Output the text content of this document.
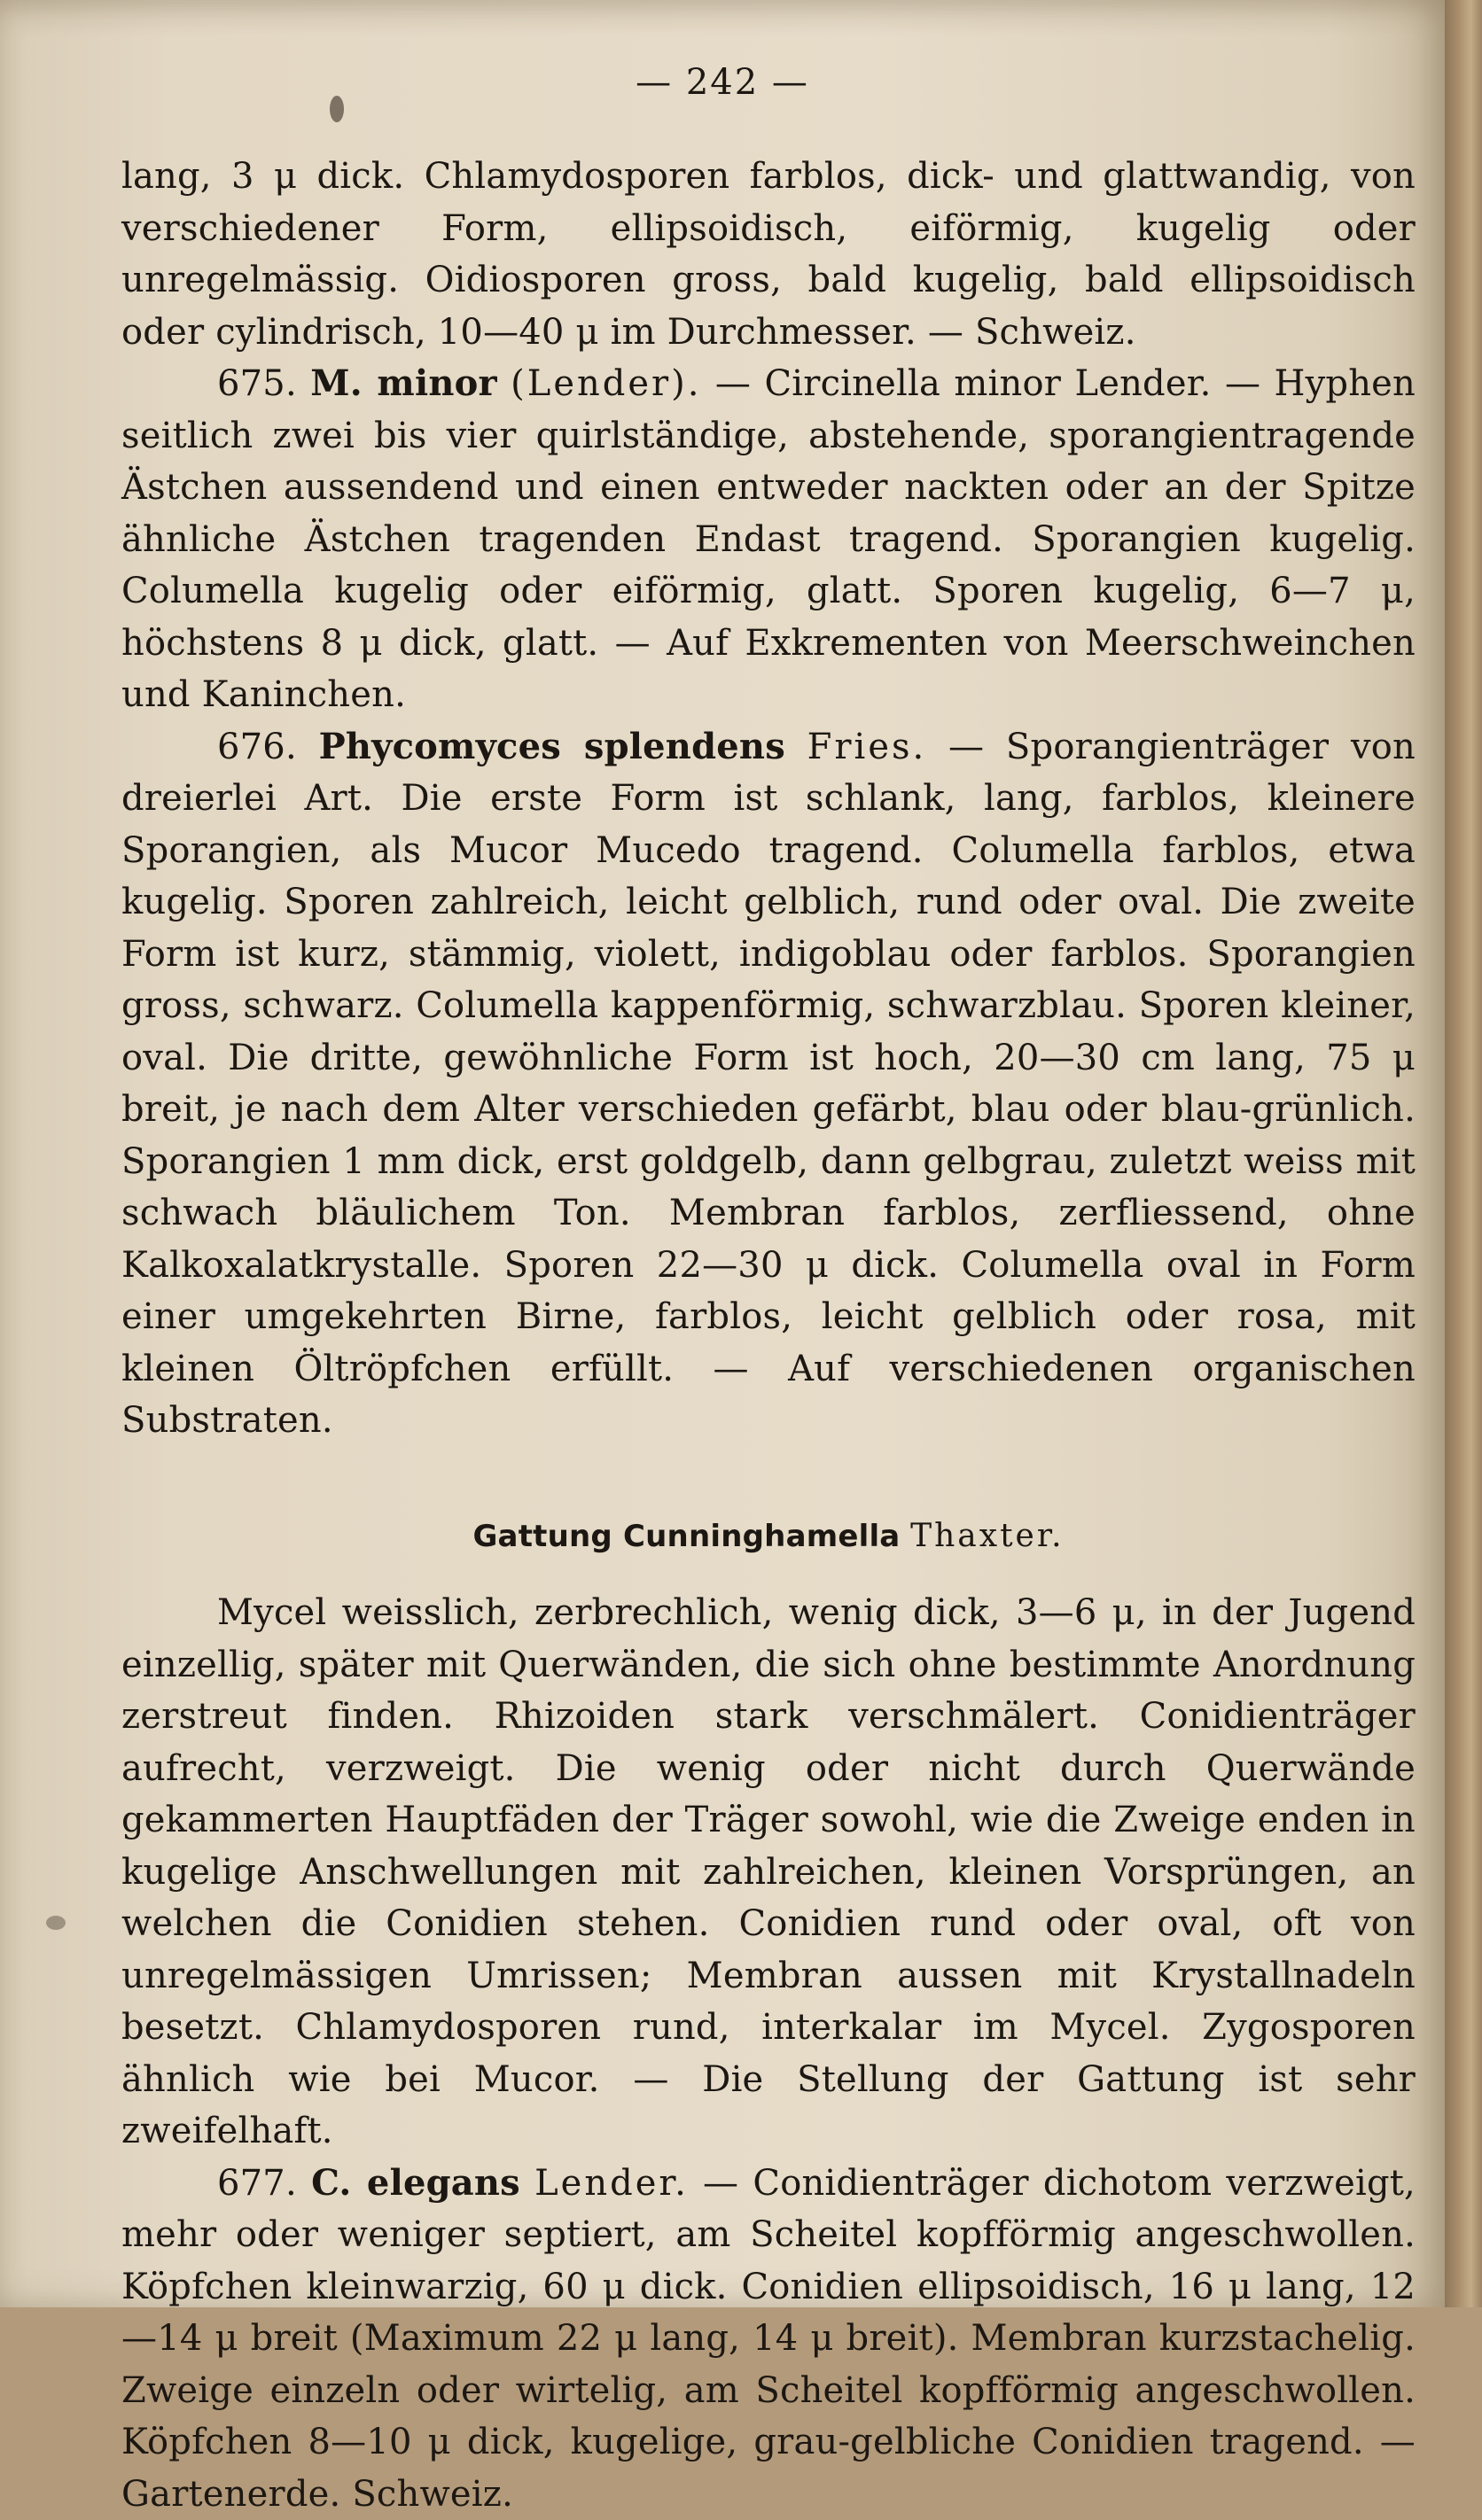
— 242 —

lang, 3 μ dick. Chlamydosporen farblos, dick- und glattwandig, von verschiedener Form, ellipsoidisch, eiförmig, kugelig oder unregelmässig. Oidiosporen gross, bald kugelig, bald ellipsoidisch oder cylindrisch, 10—40 μ im Durchmesser. — Schweiz.

675. M. minor (Lender). — Circinella minor Lender. — Hyphen seitlich zwei bis vier quirlständige, abstehende, sporangientragende Ästchen aussendend und einen entweder nackten oder an der Spitze ähnliche Ästchen tragenden Endast tragend. Sporangien kugelig. Columella kugelig oder eiförmig, glatt. Sporen kugelig, 6—7 μ, höchstens 8 μ dick, glatt. — Auf Exkrementen von Meerschweinchen und Kaninchen.

676. Phycomyces splendens Fries. — Sporangienträger von dreierlei Art. Die erste Form ist schlank, lang, farblos, kleinere Sporangien, als Mucor Mucedo tragend. Columella farblos, etwa kugelig. Sporen zahlreich, leicht gelblich, rund oder oval. Die zweite Form ist kurz, stämmig, violett, indigoblau oder farblos. Sporangien gross, schwarz. Columella kappenförmig, schwarzblau. Sporen kleiner, oval. Die dritte, gewöhnliche Form ist hoch, 20—30 cm lang, 75 μ breit, je nach dem Alter verschieden gefärbt, blau oder blau-grünlich. Sporangien 1 mm dick, erst goldgelb, dann gelbgrau, zuletzt weiss mit schwach bläulichem Ton. Membran farblos, zerfliessend, ohne Kalkoxalatkrystalle. Sporen 22—30 μ dick. Columella oval in Form einer umgekehrten Birne, farblos, leicht gelblich oder rosa, mit kleinen Öltröpfchen erfüllt. — Auf verschiedenen organischen Substraten.

Gattung Cunninghamella Thaxter.

Mycel weisslich, zerbrechlich, wenig dick, 3—6 μ, in der Jugend einzellig, später mit Querwänden, die sich ohne bestimmte Anordnung zerstreut finden. Rhizoiden stark verschmälert. Conidienträger aufrecht, verzweigt. Die wenig oder nicht durch Querwände gekammerten Hauptfäden der Träger sowohl, wie die Zweige enden in kugelige Anschwellungen mit zahlreichen, kleinen Vorsprüngen, an welchen die Conidien stehen. Conidien rund oder oval, oft von unregelmässigen Umrissen; Membran aussen mit Krystallnadeln besetzt. Chlamydosporen rund, interkalar im Mycel. Zygosporen ähnlich wie bei Mucor. — Die Stellung der Gattung ist sehr zweifelhaft.

677. C. elegans Lender. — Conidienträger dichotom verzweigt, mehr oder weniger septiert, am Scheitel kopfförmig angeschwollen. Köpfchen kleinwarzig, 60 μ dick. Conidien ellipsoidisch, 16 μ lang, 12—14 μ breit (Maximum 22 μ lang, 14 μ breit). Membran kurzstachelig. Zweige einzeln oder wirtelig, am Scheitel kopfförmig angeschwollen. Köpfchen 8—10 μ dick, kugelige, grau-gelbliche Conidien tragend. — Gartenerde. Schweiz.
